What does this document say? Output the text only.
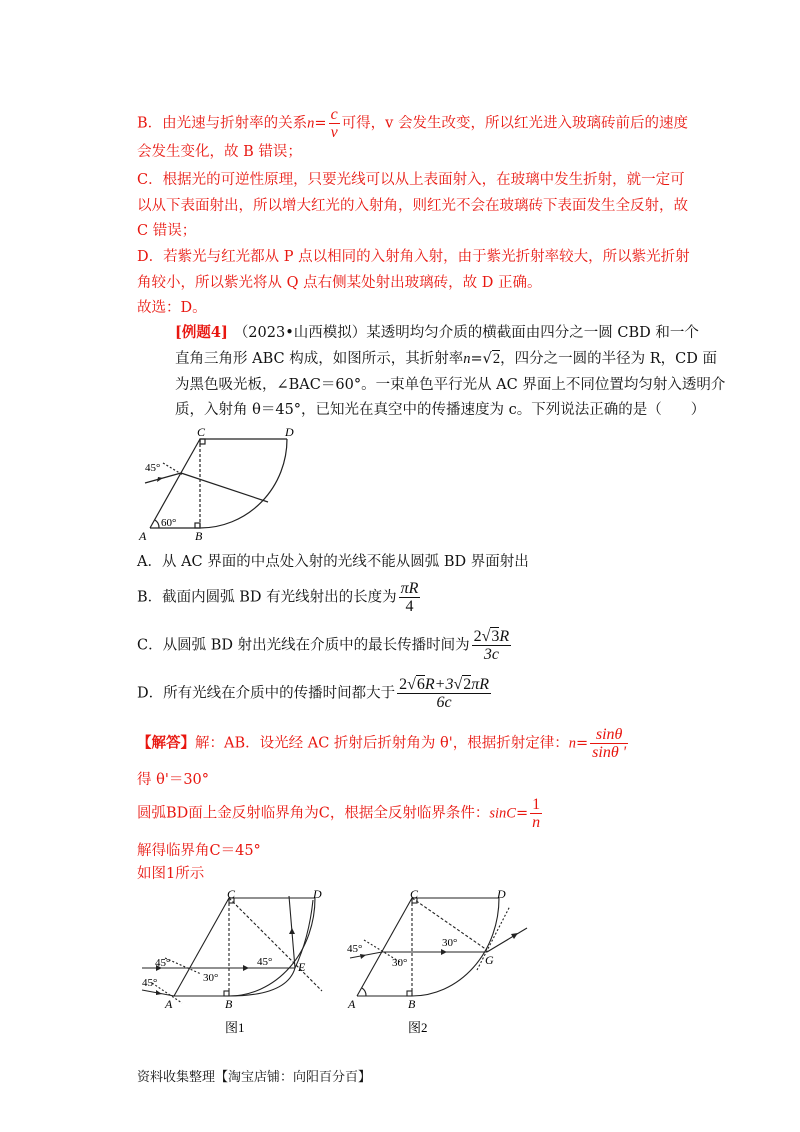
B．由光速与折射率的关系$n= \frac{c}{v}$ 可得，v 会发生改变，所以红光进入玻璃砖前后的速度
会发生变化，故 B 错误；
C．根据光的可逆性原理，只要光线可以从上表面射入，在玻璃中发生折射，就一定可
以从下表面射出，所以增大红光的入射角，则红光不会在玻璃砖下表面发生全反射，故
C 错误；
D．若紫光与红光都从 P 点以相同的入射角入射，由于紫光折射率较大，所以紫光折射
角较小，所以紫光将从 Q 点右侧某处射出玻璃砖，故 D 正确。
故选：D。
[例题4] （2023•山西模拟）某透明均匀介质的横截面由四分之一圆 CBD 和一个
直角三角形 ABC 构成，如图所示，其折射率n=√2，四分之一圆的半径为 R，CD 面
为黑色吸光板，∠BAC＝60°。一束单色平行光从 AC 界面上不同位置均匀射入透明介
质，入射角 θ＝45°，已知光在真空中的传播速度为 c。下列说法正确的是（　　）
C	D
A	B
45°
60°
A．从 AC 界面的中点处入射的光线不能从圆弧 BD 界面射出
B．截面内圆弧 BD 有光线射出的长度为 $\frac{\pi R}{4}$
C．从圆弧 BD 射出光线在介质中的最长传播时间为 $\frac{2√3R}{3c}$
D．所有光线在介质中的传播时间都大于 $\frac{2√6R+3√2\pi R}{6c}$
【解答】解：AB．设光经 AC 折射后折射角为 θ'，根据折射定律：$n= \frac{\sin\theta}{\sin\theta '}$
得 θ'＝30°
圆弧BD面上金反射临界角为C，根据全反射临界条件：$\sin C= \frac{1}{n}$
解得临界角C＝45°
如图1所示
C	D
A	B
E
45°
45°	30°
45°
图1
C	D
A	B
G
45°	30°
30°
图2
资料收集整理【淘宝店铺：向阳百分百】
